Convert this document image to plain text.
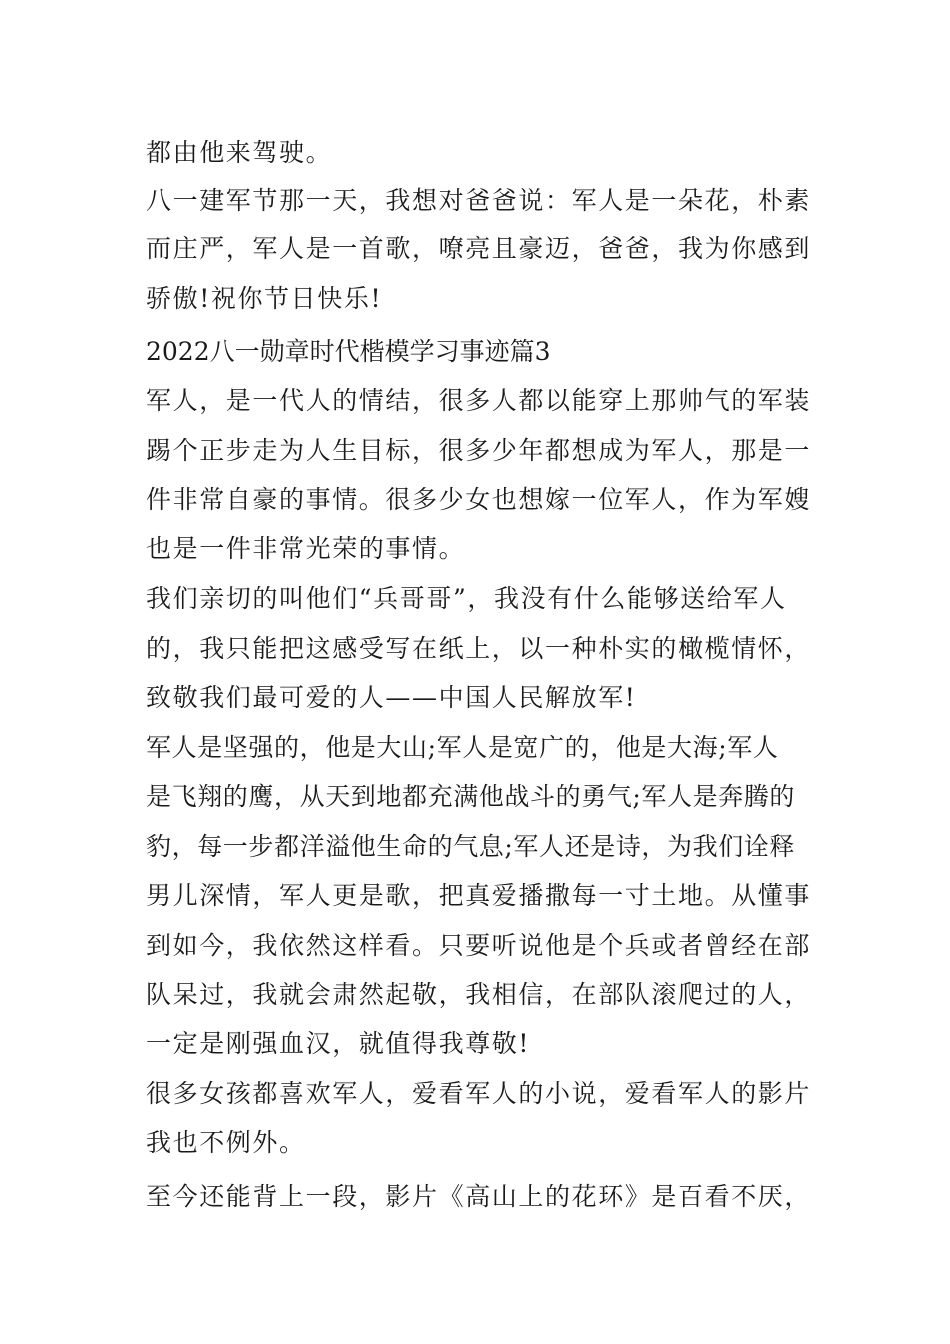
都由他来驾驶。
八一建军节那一天，我想对爸爸说：军人是一朵花，朴素
而庄严，军人是一首歌，嘹亮且豪迈，爸爸，我为你感到
骄傲!祝你节日快乐!
2022八一勋章时代楷模学习事迹篇3
军人，是一代人的情结，很多人都以能穿上那帅气的军装
踢个正步走为人生目标，很多少年都想成为军人，那是一
件非常自豪的事情。很多少女也想嫁一位军人，作为军嫂
也是一件非常光荣的事情。
我们亲切的叫他们“兵哥哥”，我没有什么能够送给军人
的，我只能把这感受写在纸上，以一种朴实的橄榄情怀，
致敬我们最可爱的人——中国人民解放军!
军人是坚强的，他是大山;军人是宽广的，他是大海;军人
是飞翔的鹰，从天到地都充满他战斗的勇气;军人是奔腾的
豹，每一步都洋溢他生命的气息;军人还是诗，为我们诠释
男儿深情，军人更是歌，把真爱播撒每一寸土地。从懂事
到如今，我依然这样看。只要听说他是个兵或者曾经在部
队呆过，我就会肃然起敬，我相信，在部队滚爬过的人，
一定是刚强血汉，就值得我尊敬!
很多女孩都喜欢军人，爱看军人的小说，爱看军人的影片
我也不例外。
至今还能背上一段，影片《高山上的花环》是百看不厌，
